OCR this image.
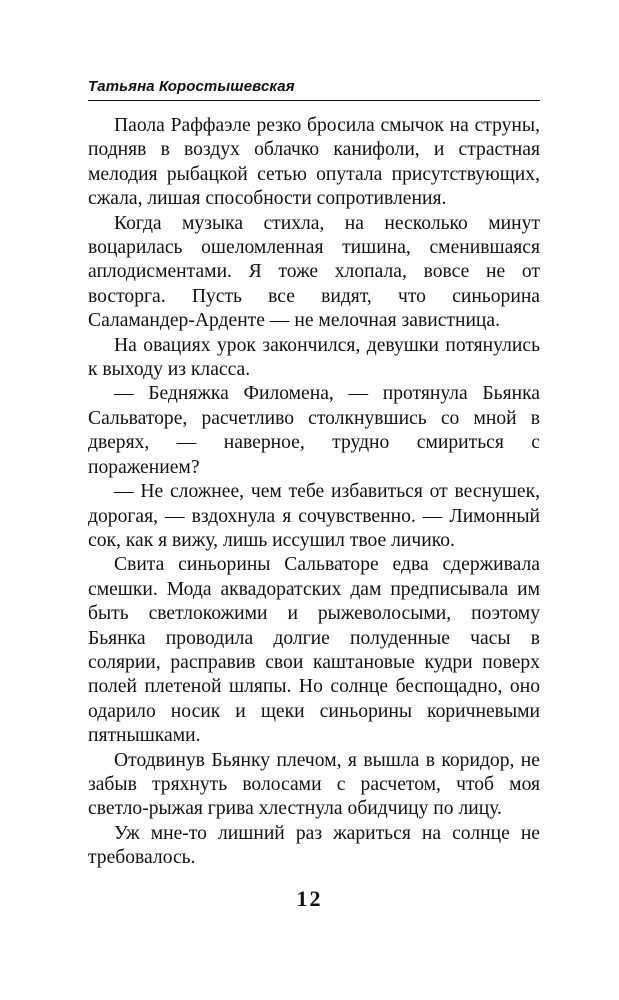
Татьяна Коростышевская

Паола Раффаэле резко бросила смычок на струны, подняв в воздух облачко канифоли, и страстная мелодия рыбацкой сетью опутала присутствующих, сжала, лишая способности сопротивления.

Когда музыка стихла, на несколько минут воцарилась ошеломленная тишина, сменившаяся аплодисментами. Я тоже хлопала, вовсе не от восторга. Пусть все видят, что синьорина Саламандер-Арденте — не мелочная завистница.

На овациях урок закончился, девушки потянулись к выходу из класса.

— Бедняжка Филомена, — протянула Бьянка Сальваторе, расчетливо столкнувшись со мной в дверях, — наверное, трудно смириться с поражением?

— Не сложнее, чем тебе избавиться от веснушек, дорогая, — вздохнула я сочувственно. — Лимонный сок, как я вижу, лишь иссушил твое личико.

Свита синьорины Сальваторе едва сдерживала смешки. Мода аквадоратских дам предписывала им быть светлокожими и рыжеволосыми, поэтому Бьянка проводила долгие полуденные часы в солярии, расправив свои каштановые кудри поверх полей плетеной шляпы. Но солнце беспощадно, оно одарило носик и щеки синьорины коричневыми пятнышками.

Отодвинув Бьянку плечом, я вышла в коридор, не забыв тряхнуть волосами с расчетом, чтоб моя светло-рыжая грива хлестнула обидчицу по лицу.

Уж мне-то лишний раз жариться на солнце не требовалось.

12
